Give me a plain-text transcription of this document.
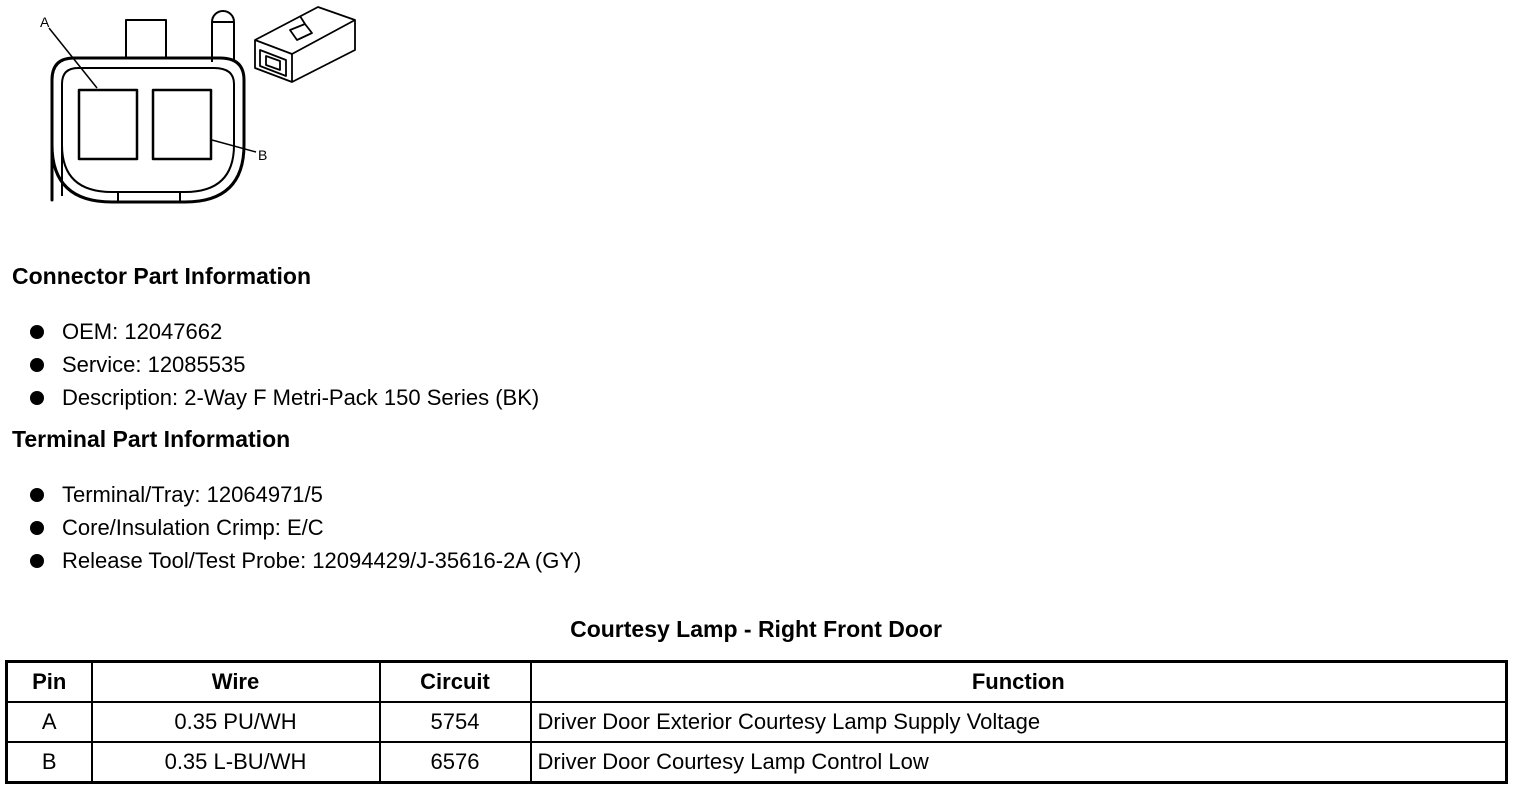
A
B
Connector Part Information
OEM: 12047662
Service: 12085535
Description: 2-Way F Metri-Pack 150 Series (BK)
Terminal Part Information
Terminal/Tray: 12064971/5
Core/Insulation Crimp: E/C
Release Tool/Test Probe: 12094429/J-35616-2A (GY)
Courtesy Lamp - Right Front Door
Pin	Wire	Circuit	Function
A	0.35 PU/WH	5754	Driver Door Exterior Courtesy Lamp Supply Voltage
B	0.35 L-BU/WH	6576	Driver Door Courtesy Lamp Control Low
